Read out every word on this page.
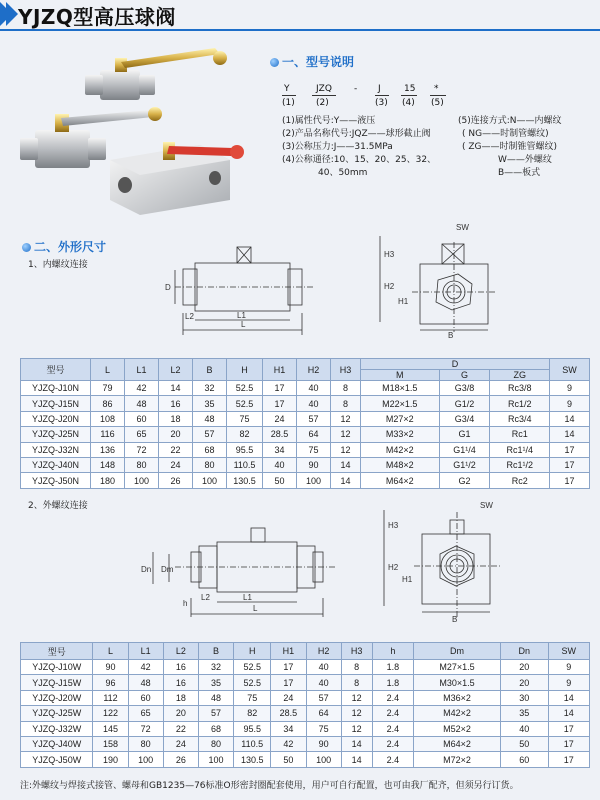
YJZQ型高压球阀
一、型号说明
Y	JZQ - J	15 *
(1) (2)	(3) (4) (5)
(1)属性代号:Y——液压
(2)产品名称代号:JQZ——球形截止阀
(3)公称压力:J——31.5MPa
(4)公称通径:10、15、20、25、32、
40、50mm
(5)连接方式:N——内螺纹
( NG——时制管螺纹)
( ZG——时制锥管螺纹)
W——外螺纹
B——板式
二、外形尺寸
1、内螺纹连接
D
L
L1
L2
SW
H3
H2
H1
B
型号	L	L1	L2	B	H	H1	H2	H3	D			SW
									M	G	ZG	
YJZQ-J10N	79	42	14	32	52.5	17	40	8	M18×1.5	G3/8	Rc3/8	9
YJZQ-J15N	86	48	16	35	52.5	17	40	8	M22×1.5	G1/2	Rc1/2	9
YJZQ-J20N	108	60	18	48	75	24	57	12	M27×2	G3/4	Rc3/4	14
YJZQ-J25N	116	65	20	57	82	28.5	64	12	M33×2	G1	Rc1	14
YJZQ-J32N	136	72	22	68	95.5	34	75	12	M42×2	G1¹/4	Rc1¹/4	17
YJZQ-J40N	148	80	24	80	110.5	40	90	14	M48×2	G1¹/2	Rc1¹/2	17
YJZQ-J50N	180	100	26	100	130.5	50	100	14	M64×2	G2	Rc2	17
2、外螺纹连接
Dn Dm
h
L
L1
L2
SW
H3
H2
H1
B
型号	L	L1	L2	B	H	H1	H2	H3	h	Dm	Dn	SW
YJZQ-J10W	90	42	16	32	52.5	17	40	8	1.8	M27×1.5	20	9
YJZQ-J15W	96	48	16	35	52.5	17	40	8	1.8	M30×1.5	20	9
YJZQ-J20W	112	60	18	48	75	24	57	12	2.4	M36×2	30	14
YJZQ-J25W	122	65	20	57	82	28.5	64	12	2.4	M42×2	35	14
YJZQ-J32W	145	72	22	68	95.5	34	75	12	2.4	M52×2	40	17
YJZQ-J40W	158	80	24	80	110.5	42	90	14	2.4	M64×2	50	17
YJZQ-J50W	190	100	26	100	130.5	50	100	14	2.4	M72×2	60	17
注:外螺纹与焊接式接管、螺母和GB1235—76标准O形密封圈配套使用，用户可自行配置，也可由我厂配齐，但须另行订货。
